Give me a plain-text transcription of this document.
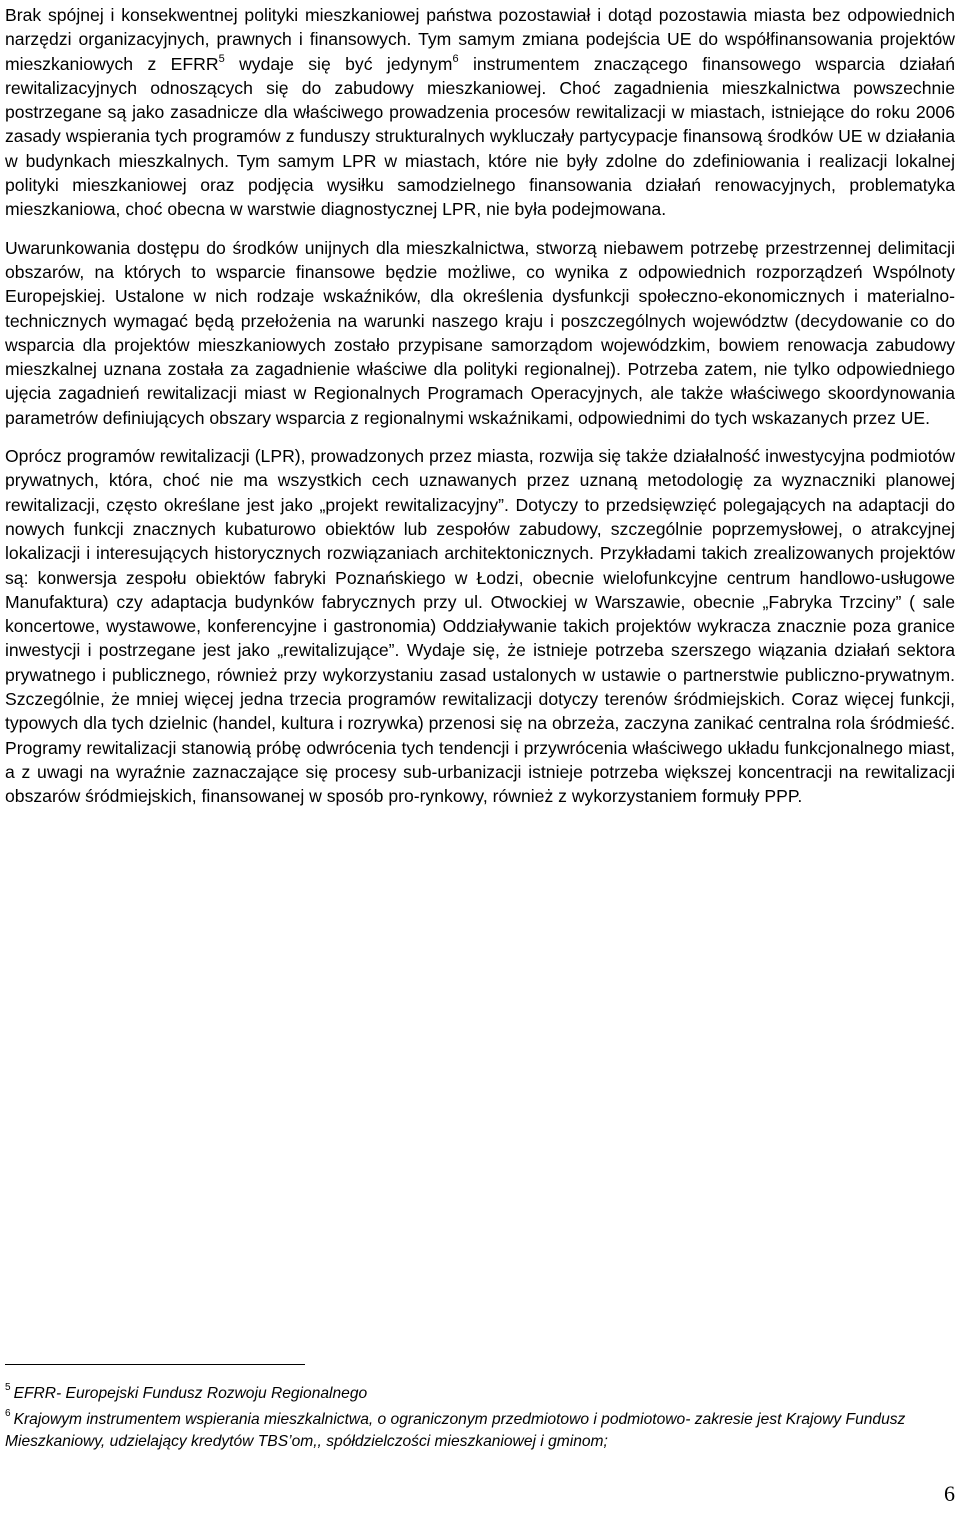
Brak spójnej i konsekwentnej polityki mieszkaniowej państwa pozostawiał i dotąd pozostawia miasta bez odpowiednich narzędzi organizacyjnych, prawnych i finansowych. Tym samym zmiana podejścia UE do współfinansowania projektów mieszkaniowych z EFRR$^5$ wydaje się być jedynym$^6$ instrumentem znaczącego finansowego wsparcia działań rewitalizacyjnych odnoszących się do zabudowy mieszkaniowej. Choć zagadnienia mieszkalnictwa powszechnie postrzegane są jako zasadnicze dla właściwego prowadzenia procesów rewitalizacji w miastach, istniejące do roku 2006 zasady wspierania tych programów z funduszy strukturalnych wykluczały partycypacje finansową środków UE w działania w budynkach mieszkalnych. Tym samym LPR w miastach, które nie były zdolne do zdefiniowania i realizacji lokalnej polityki mieszkaniowej oraz podjęcia wysiłku samodzielnego finansowania działań renowacyjnych, problematyka mieszkaniowa, choć obecna w warstwie diagnostycznej LPR, nie była podejmowana.

Uwarunkowania dostępu do środków unijnych dla mieszkalnictwa, stworzą niebawem potrzebę przestrzennej delimitacji obszarów, na których to wsparcie finansowe będzie możliwe, co wynika z odpowiednich rozporządzeń Wspólnoty Europejskiej. Ustalone w nich rodzaje wskaźników, dla określenia dysfunkcji społeczno-ekonomicznych i materialno-technicznych wymagać będą przełożenia na warunki naszego kraju i poszczególnych województw (decydowanie co do wsparcia dla projektów mieszkaniowych zostało przypisane samorządom wojewódzkim, bowiem renowacja zabudowy mieszkalnej uznana została za zagadnienie właściwe dla polityki regionalnej). Potrzeba zatem, nie tylko odpowiedniego ujęcia zagadnień rewitalizacji miast w Regionalnych Programach Operacyjnych, ale także właściwego skoordynowania parametrów definiujących obszary wsparcia z regionalnymi wskaźnikami, odpowiednimi do tych wskazanych przez UE.

Oprócz programów rewitalizacji (LPR), prowadzonych przez miasta, rozwija się także działalność inwestycyjna podmiotów prywatnych, która, choć nie ma wszystkich cech uznawanych przez uznaną metodologię za wyznaczniki planowej rewitalizacji, często określane jest jako „projekt rewitalizacyjny”. Dotyczy to przedsięwzięć polegających na adaptacji do nowych funkcji znacznych kubaturowo obiektów lub zespołów zabudowy, szczególnie poprzemysłowej, o atrakcyjnej lokalizacji i interesujących historycznych rozwiązaniach architektonicznych. Przykładami takich zrealizowanych projektów są: konwersja zespołu obiektów fabryki Poznańskiego w Łodzi, obecnie wielofunkcyjne centrum handlowo-usługowe Manufaktura) czy adaptacja budynków fabrycznych przy ul. Otwockiej w Warszawie, obecnie „Fabryka Trzciny” ( sale koncertowe, wystawowe, konferencyjne i gastronomia) Oddziaływanie takich projektów wykracza znacznie poza granice inwestycji i postrzegane jest jako „rewitalizujące”. Wydaje się, że istnieje potrzeba szerszego wiązania działań sektora prywatnego i publicznego, również przy wykorzystaniu zasad ustalonych w ustawie o partnerstwie publiczno-prywatnym. Szczególnie, że mniej więcej jedna trzecia programów rewitalizacji dotyczy terenów śródmiejskich. Coraz więcej funkcji, typowych dla tych dzielnic (handel, kultura i rozrywka) przenosi się na obrzeża, zaczyna zanikać centralna rola śródmieść. Programy rewitalizacji stanowią próbę odwrócenia tych tendencji i przywrócenia właściwego układu funkcjonalnego miast, a z uwagi na wyraźnie zaznaczające się procesy sub-urbanizacji istnieje potrzeba większej koncentracji na rewitalizacji obszarów śródmiejskich, finansowanej w sposób pro-rynkowy, również z wykorzystaniem formuły PPP.

$^5$ EFRR- Europejski Fundusz Rozwoju Regionalnego

$^6$ Krajowym instrumentem wspierania mieszkalnictwa, o ograniczonym przedmiotowo i podmiotowo- zakresie jest Krajowy Fundusz Mieszkaniowy, udzielający kredytów TBS’om,, spółdzielczości mieszkaniowej i gminom;

6
